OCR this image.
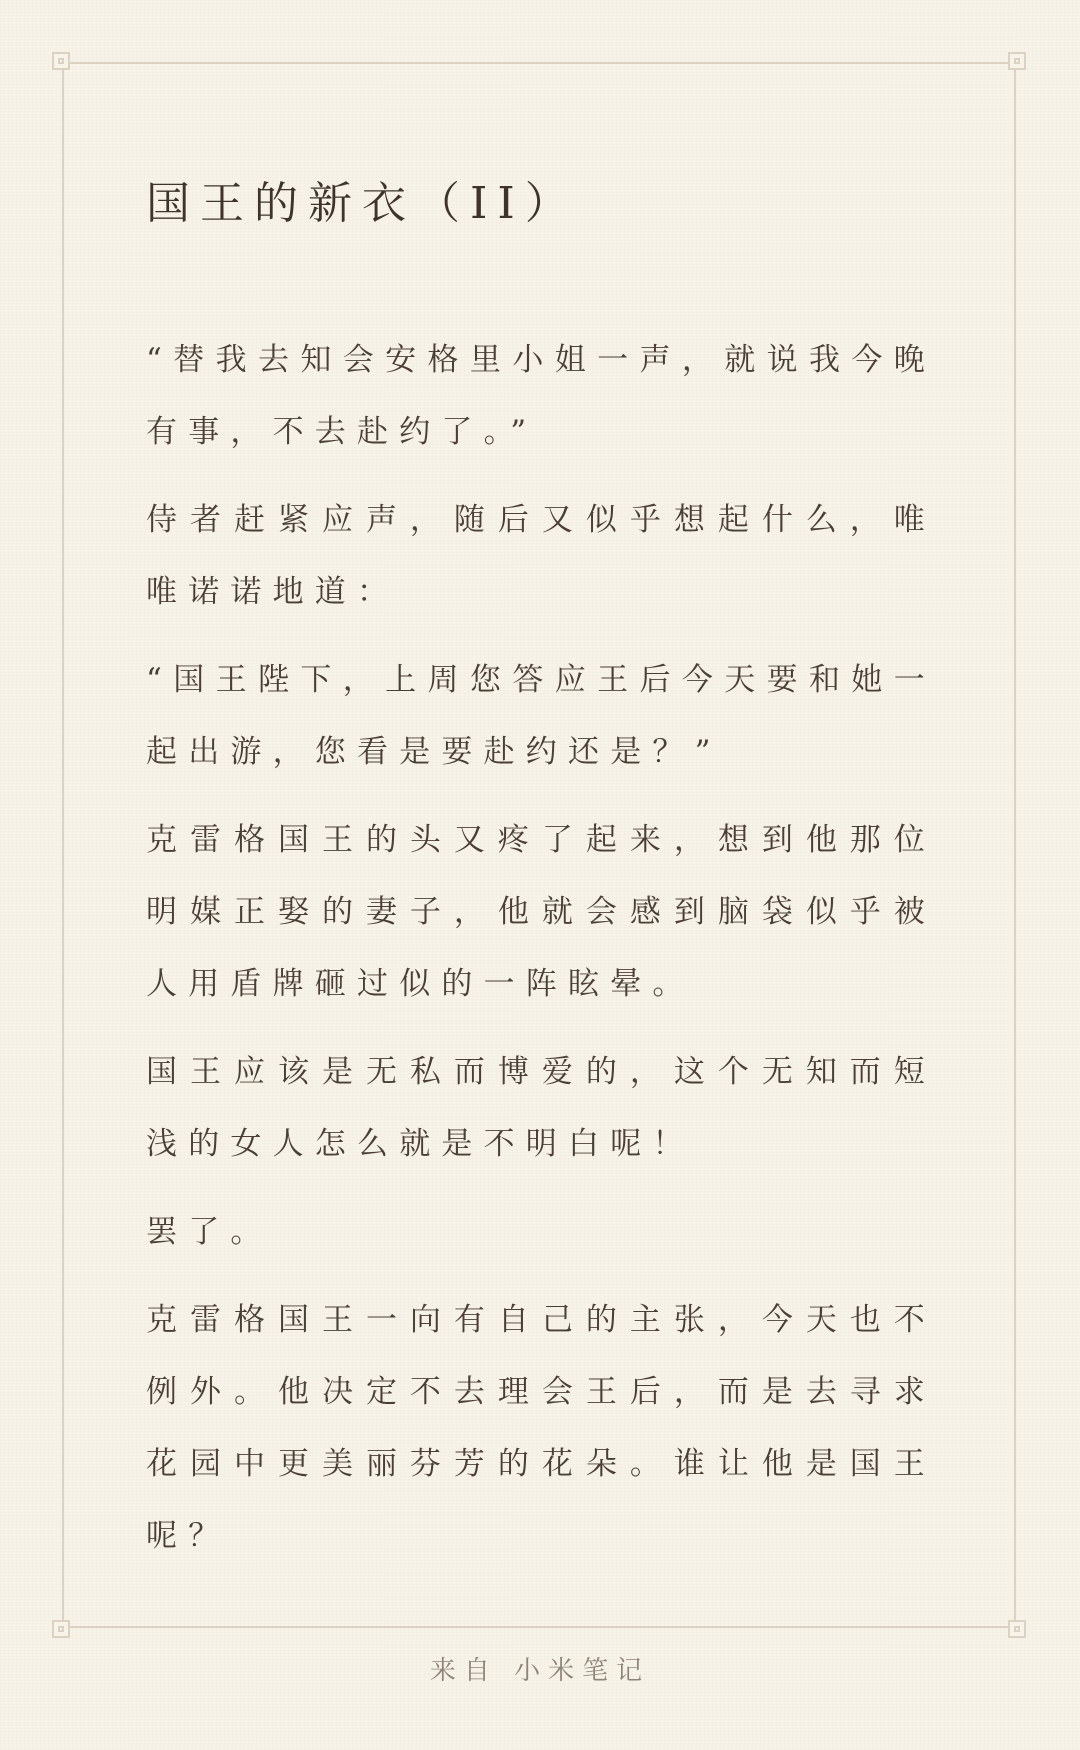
国王的新衣（II）

“替我去知会安格里小姐一声，就说我今晚有事，不去赴约了。”

侍者赶紧应声，随后又似乎想起什么，唯唯诺诺地道：

“国王陛下，上周您答应王后今天要和她一起出游，您看是要赴约还是？”

克雷格国王的头又疼了起来，想到他那位明媒正娶的妻子，他就会感到脑袋似乎被人用盾牌砸过似的一阵眩晕。

国王应该是无私而博爱的，这个无知而短浅的女人怎么就是不明白呢！

罢了。

克雷格国王一向有自己的主张，今天也不例外。他决定不去理会王后，而是去寻求花园中更美丽芬芳的花朵。谁让他是国王呢？

来自 小米笔记
